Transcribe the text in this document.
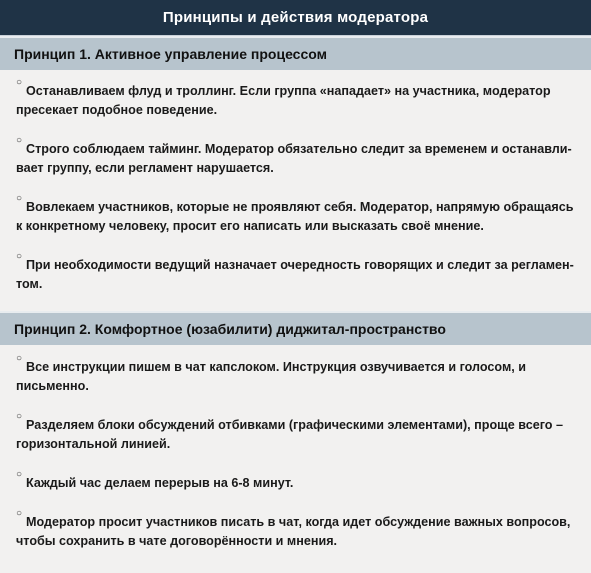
Принципы и действия модератора
Принцип 1. Активное управление процессом
○
Останавливаем флуд и троллинг. Если группа «нападает» на участника, модератор пресекает подобное поведение.
○
Строго соблюдаем тайминг. Модератор обязательно следит за временем и останавли-вает группу, если регламент нарушается.
○
Вовлекаем участников, которые не проявляют себя. Модератор, напрямую обращаясь к конкретному человеку, просит его написать или высказать своё мнение.
○
При необходимости ведущий назначает очередность говорящих и следит за регламен-том.
Принцип 2. Комфортное (юзабилити) диджитал-пространство
○
Все инструкции пишем в чат капслоком. Инструкция озвучивается и голосом, и письменно.
○
Разделяем блоки обсуждений отбивками (графическими элементами), проще всего – горизонтальной линией.
○
Каждый час делаем перерыв на 6-8 минут.
○
Модератор просит участников писать в чат, когда идет обсуждение важных вопросов, чтобы сохранить в чате договорённости и мнения.
